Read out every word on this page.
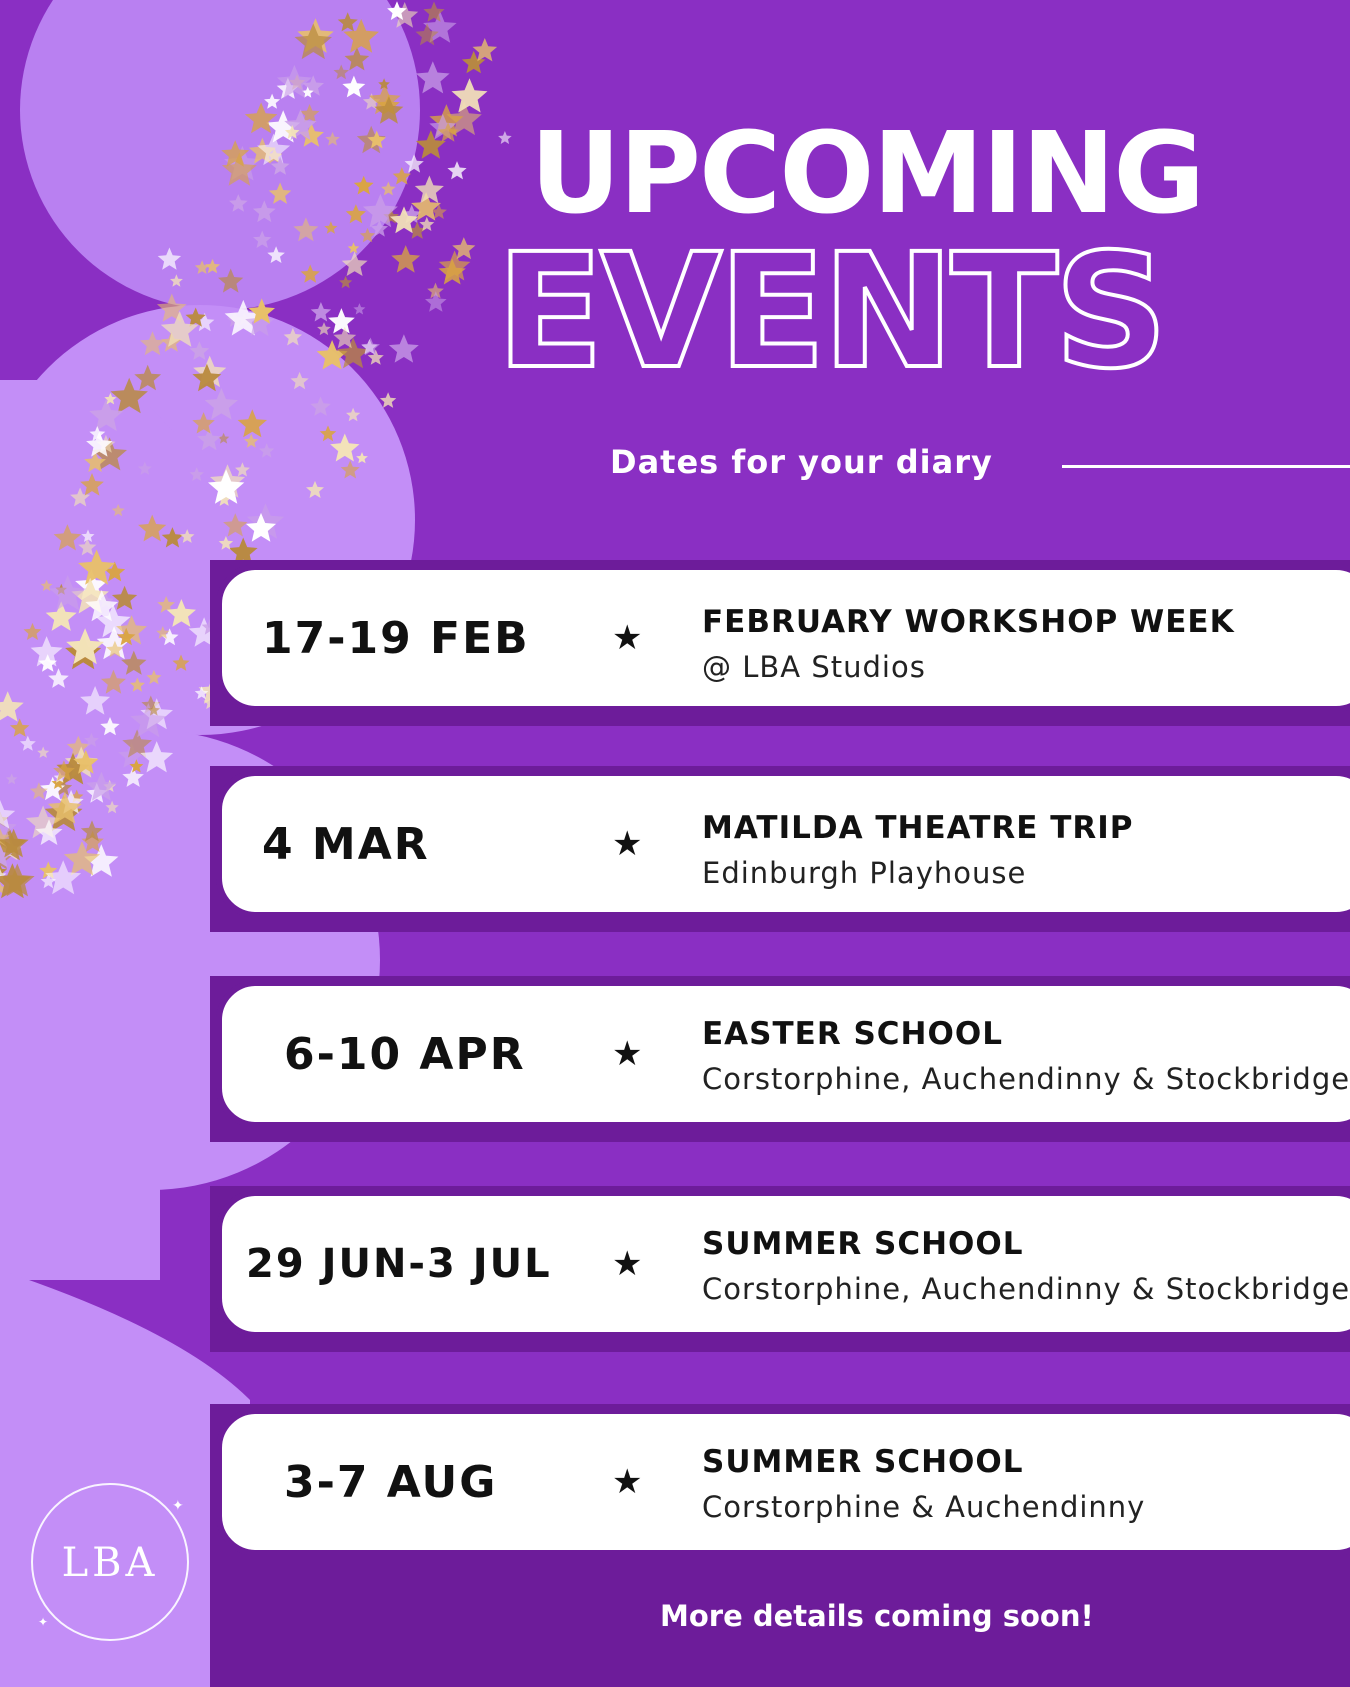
UPCOMING
EVENTS
Dates for your diary
17-19 FEB ★ FEBRUARY WORKSHOP WEEK
@ LBA Studios
4 MAR	★ MATILDA THEATRE TRIP
Edinburgh Playhouse
6-10 APR	★ EASTER SCHOOL
Corstorphine, Auchendinny & Stockbridge
29 JUN-3 JUL ★ SUMMER SCHOOL
Corstorphine, Auchendinny & Stockbridge
3-7 AUG	★ SUMMER SCHOOL
Corstorphine & Auchendinny
More details coming soon!
LBA
✦
✦
